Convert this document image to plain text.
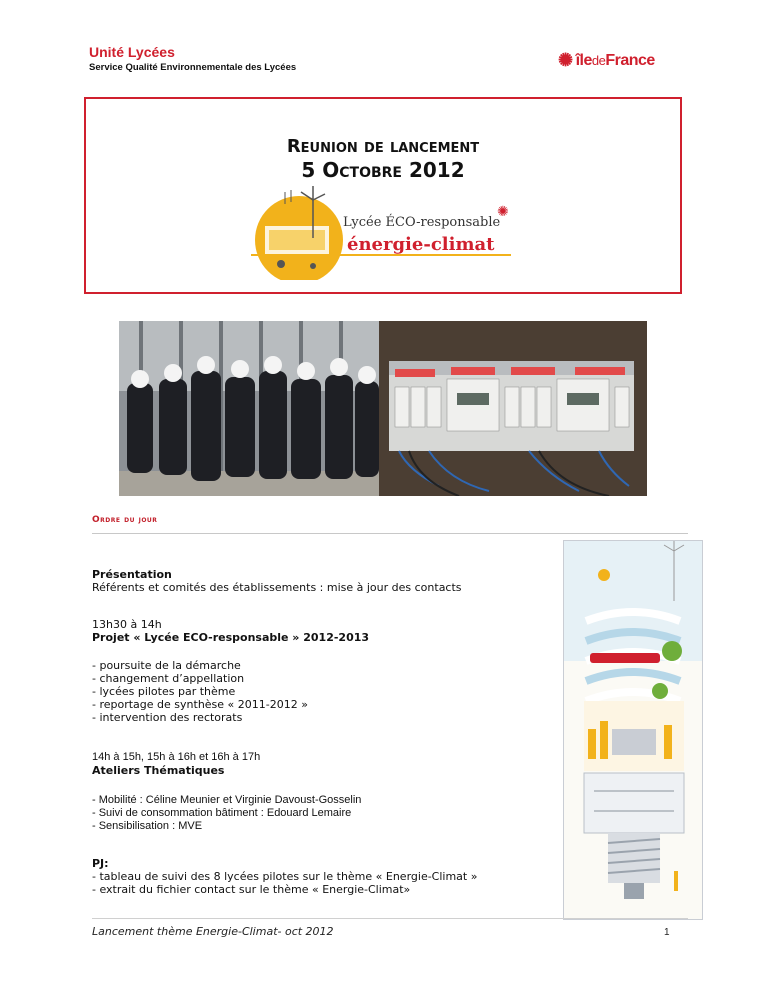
Unité Lycées
Service Qualité Environnementale des Lycées	✺ île de France
Reunion de lancement
5 Octobre 2012
Lycée ÉCO-responsable
énergie-climat
✺
Ordre du jour
Présentation
Référents et comités des établissements : mise à jour des contacts
13h30 à 14h
Projet « Lycée ECO-responsable » 2012-2013
- poursuite de la démarche
- changement d’appellation
- lycées pilotes par thème
- reportage de synthèse « 2011-2012 »
- intervention des rectorats
14h à 15h, 15h à 16h et 16h à 17h
Ateliers Thématiques
- Mobilité : Céline Meunier et Virginie Davoust-Gosselin
- Suivi de consommation bâtiment : Edouard Lemaire
- Sensibilisation : MVE
PJ:
- tableau de suivi des 8 lycées pilotes sur le thème « Energie-Climat »
- extrait du fichier contact sur le thème « Energie-Climat»
Lancement thème Energie-Climat- oct 2012	1
